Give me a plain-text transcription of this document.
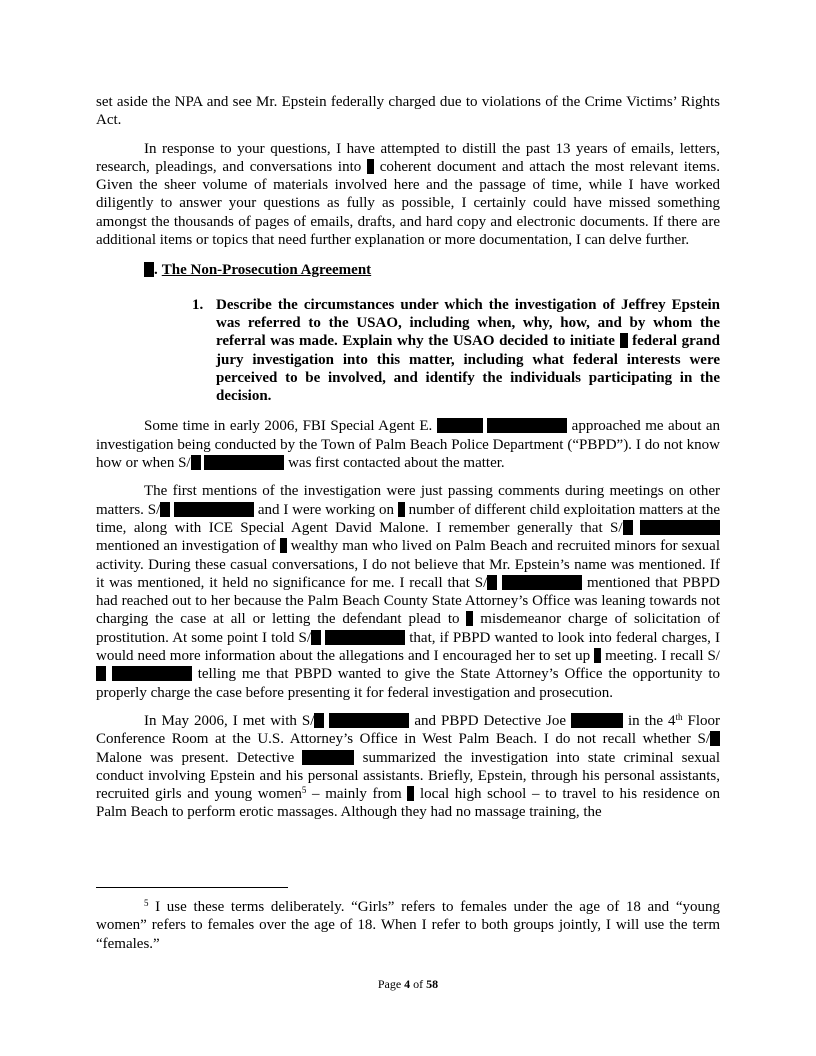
set aside the NPA and see Mr. Epstein federally charged due to violations of the Crime Victims’ Rights Act.

In response to your questions, I have attempted to distill the past 13 years of emails, letters, research, pleadings, and conversations into  coherent document and attach the most relevant items. Given the sheer volume of materials involved here and the passage of time, while I have worked diligently to answer your questions as fully as possible, I certainly could have missed something amongst the thousands of pages of emails, drafts, and hard copy and electronic documents. If there are additional items or topics that need further explanation or more documentation, I can delve further.

. The Non-Prosecution Agreement
1. Describe the circumstances under which the investigation of Jeffrey Epstein was referred to the USAO, including when, why, how, and by whom the referral was made. Explain why the USAO decided to initiate  federal grand jury investigation into this matter, including what federal interests were perceived to be involved, and identify the individuals participating in the decision.

Some time in early 2006, FBI Special Agent E.	approached me about an investigation being conducted by the Town of Palm Beach Police Department (“PBPD”). I do not know how or when S/	was first contacted about the matter.

The first mentions of the investigation were just passing comments during meetings on other matters. S/	and I were working on  number of different child exploitation matters at the time, along with ICE Special Agent David Malone. I remember generally that S/  mentioned an investigation of  wealthy man who lived on Palm Beach and recruited minors for sexual activity. During these casual conversations, I do not believe that Mr. Epstein’s name was mentioned. If it was mentioned, it held no significance for me. I recall that S/	mentioned that PBPD had reached out to her because the Palm Beach County State Attorney’s Office was leaning towards not charging the case at all or letting the defendant plead to  misdemeanor charge of solicitation of prostitution. At some point I told S/	that, if PBPD wanted to look into federal charges, I would need more information about the allegations and I encouraged her to set up  meeting. I recall S/  telling me that PBPD wanted to give the State Attorney’s Office the opportunity to properly charge the case before presenting it for federal investigation and prosecution.

In May 2006, I met with S/	and PBPD Detective Joe	in the 4th Floor Conference Room at the U.S. Attorney’s Office in West Palm Beach. I do not recall whether S/ Malone was present. Detective	summarized the investigation into state criminal sexual conduct involving Epstein and his personal assistants. Briefly, Epstein, through his personal assistants, recruited girls and young women$^5$ – mainly from  local high school – to travel to his residence on Palm Beach to perform erotic massages. Although they had no massage training, the

$^5$ I use these terms deliberately. “Girls” refers to females under the age of 18 and “young women” refers to females over the age of 18. When I refer to both groups jointly, I will use the term “females.”
Page 4 of 58
